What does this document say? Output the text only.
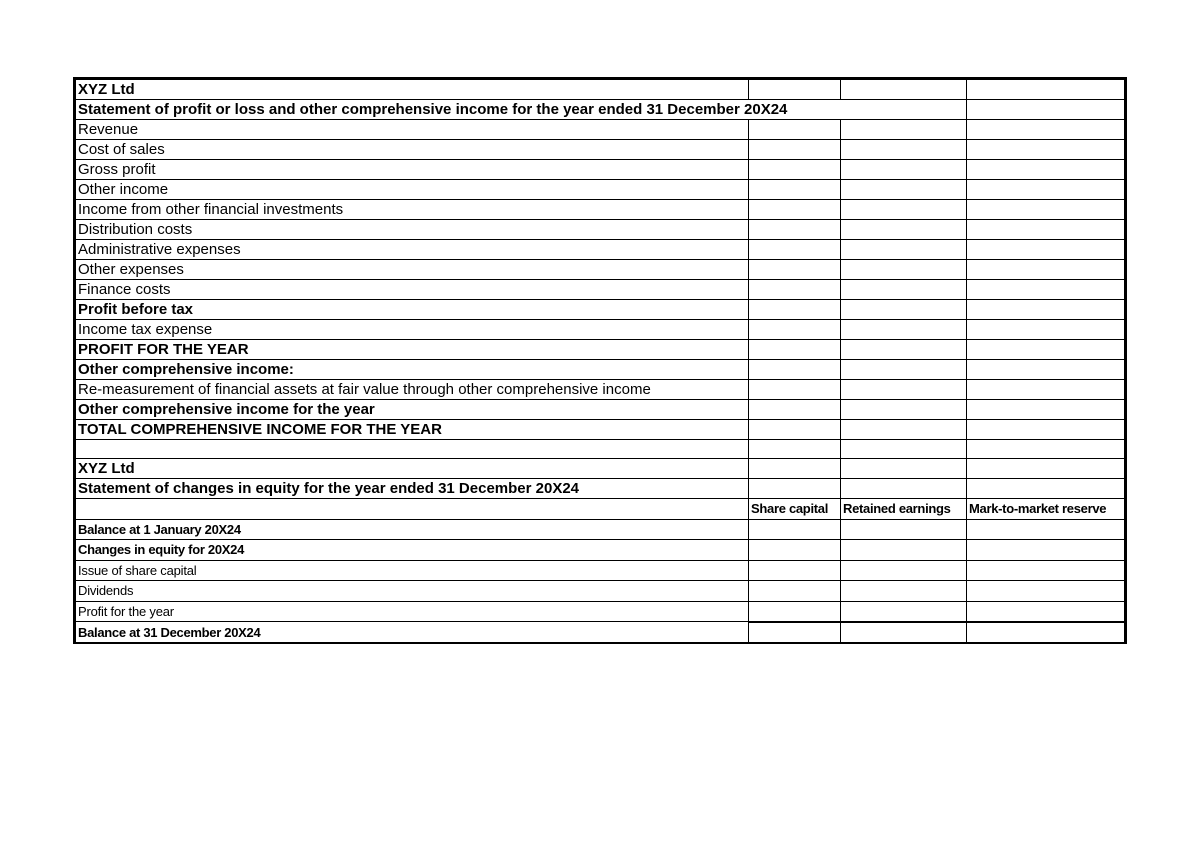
XYZ Ltd			
Statement of profit or loss and other comprehensive income for the year ended 31 December 20X24			
Revenue			
Cost of sales			
Gross profit			
Other income			
Income from other financial investments			
Distribution costs			
Administrative expenses			
Other expenses			
Finance costs			
Profit before tax			
Income tax expense			
PROFIT FOR THE YEAR			
Other comprehensive income:			
Re-measurement of financial assets at fair value through other comprehensive income			
Other comprehensive income for the year			
TOTAL COMPREHENSIVE INCOME FOR THE YEAR			

XYZ Ltd			
Statement of changes in equity for the year ended 31 December 20X24			
	Share capital	Retained earnings	Mark-to-market reserve
Balance at 1 January 20X24			
Changes in equity for 20X24			
Issue of share capital			
Dividends			
Profit for the year			
Balance at 31 December 20X24			
